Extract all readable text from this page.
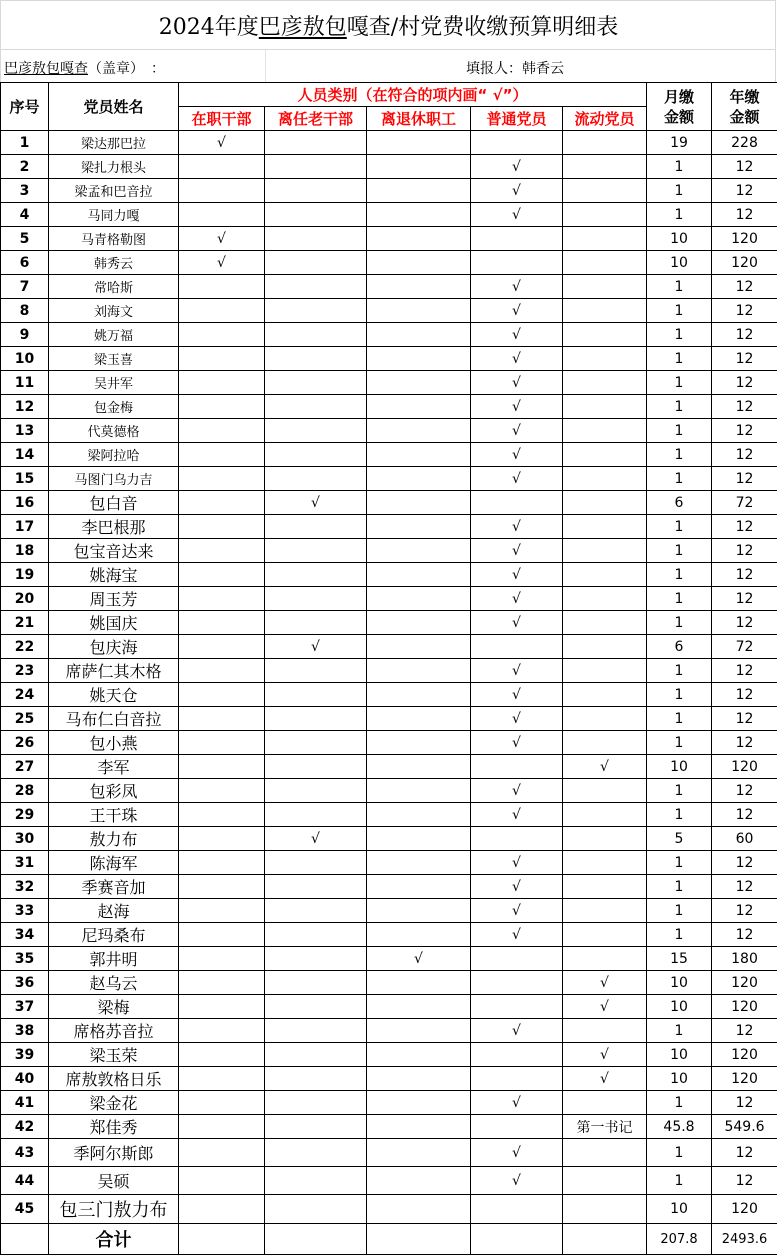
2024年度 巴彦敖包 嘎查/村党费收缴预算明细表
巴彦敖包嘎查（盖章） ：	填报人：韩香云
序号	党员姓名	人员类别（在符合的项内画“ √”）					月缴金额	年缴金额
		在职干部	离任老干部	离退休职工	普通党员	流动党员		
1	梁达那巴拉	√					19	228
2	梁扎力根头				√		1	12
3	梁孟和巴音拉				√		1	12
4	马同力嘎				√		1	12
5	马青格勒图	√					10	120
6	韩秀云	√					10	120
7	常哈斯				√		1	12
8	刘海文				√		1	12
9	姚万福				√		1	12
10	梁玉喜				√		1	12
11	吴井军				√		1	12
12	包金梅				√		1	12
13	代莫德格				√		1	12
14	梁阿拉哈				√		1	12
15	马图门乌力吉				√		1	12
16	包白音		√				6	72
17	李巴根那				√		1	12
18	包宝音达来				√		1	12
19	姚海宝				√		1	12
20	周玉芳				√		1	12
21	姚国庆				√		1	12
22	包庆海		√				6	72
23	席萨仁其木格				√		1	12
24	姚天仓				√		1	12
25	马布仁白音拉				√		1	12
26	包小燕				√		1	12
27	李军					√	10	120
28	包彩凤				√		1	12
29	王干珠				√		1	12
30	敖力布		√				5	60
31	陈海军				√		1	12
32	季赛音加				√		1	12
33	赵海				√		1	12
34	尼玛桑布				√		1	12
35	郭井明			√			15	180
36	赵乌云					√	10	120
37	梁梅					√	10	120
38	席格苏音拉				√		1	12
39	梁玉荣					√	10	120
40	席敖敦格日乐					√	10	120
41	梁金花				√		1	12
42	郑佳秀					第一书记	45.8	549.6
43	季阿尔斯郎				√		1	12
44	吴硕				√		1	12
45	包三门敖力布						10	120
	合计						207.8	2493.6
